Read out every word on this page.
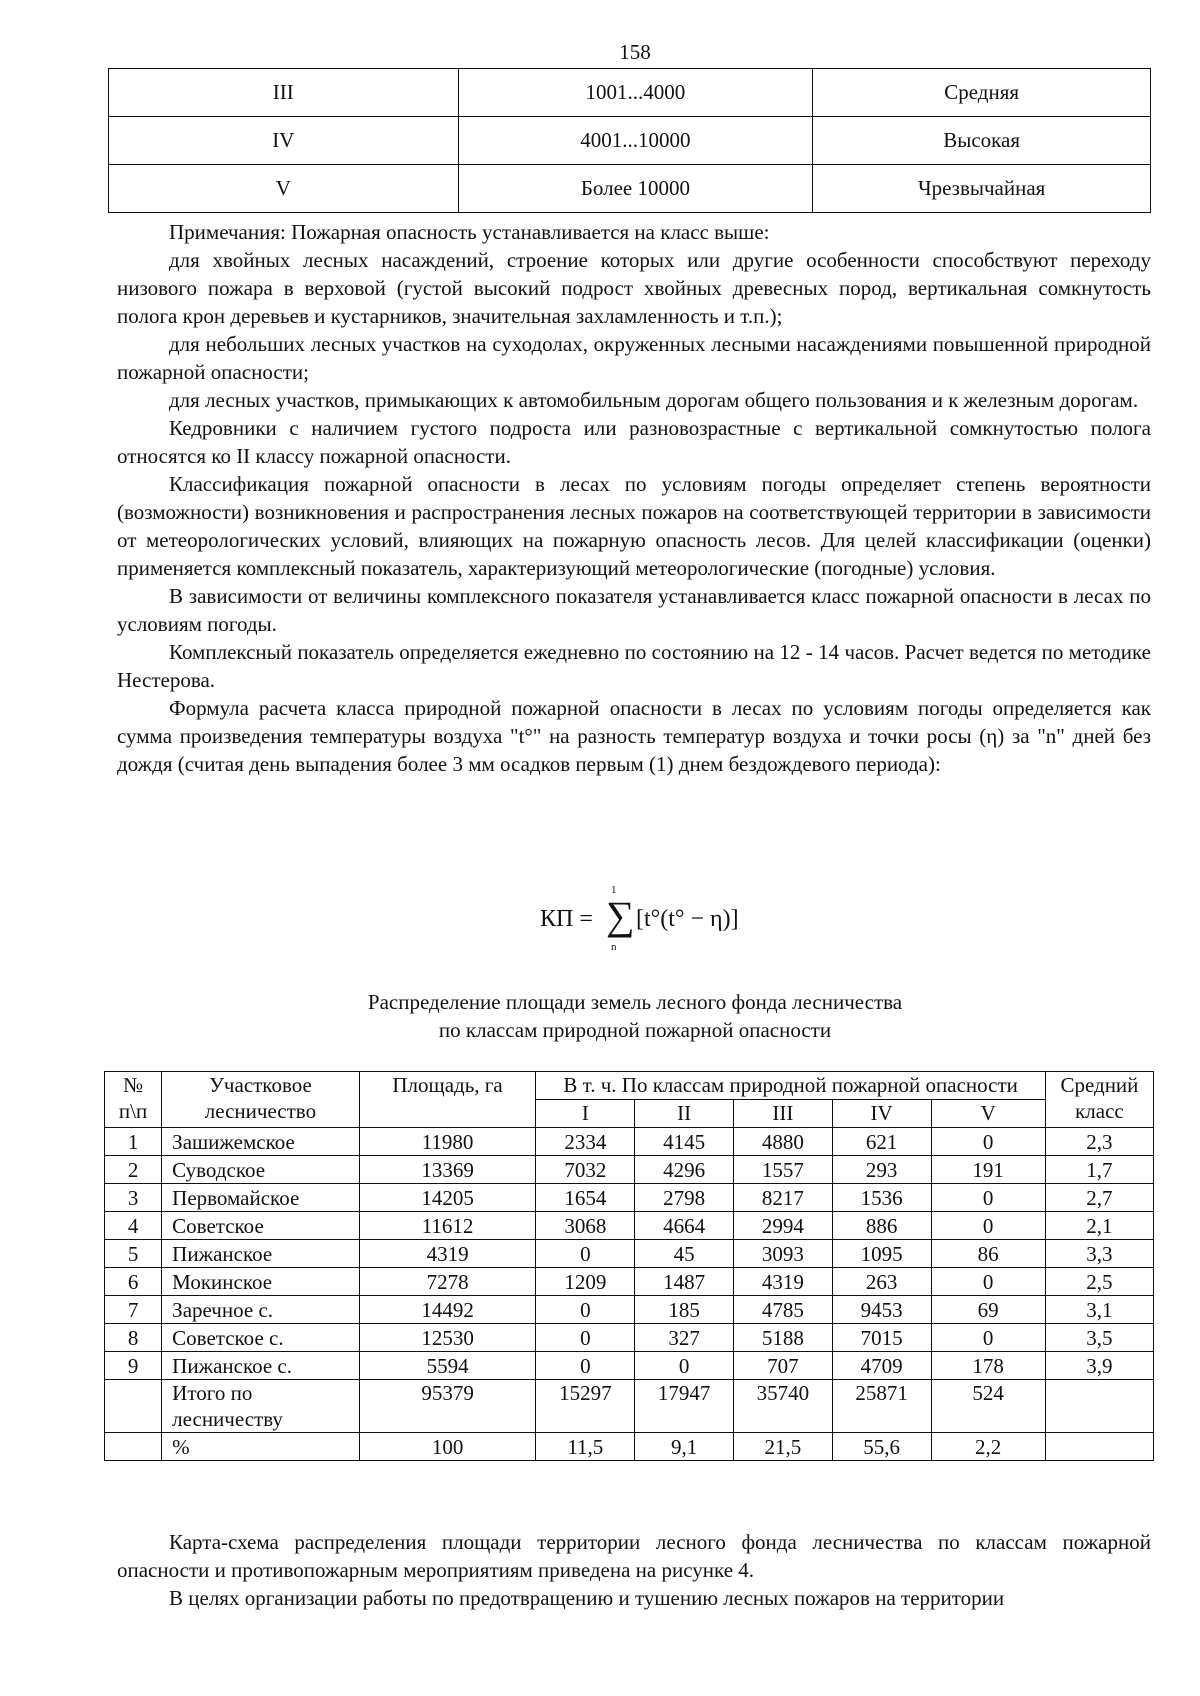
158
III	1001...4000	Средняя
IV	4001...10000	Высокая
V	Более 10000	Чрезвычайная

Примечания: Пожарная опасность устанавливается на класс выше:

для хвойных лесных насаждений, строение которых или другие особенности способствуют переходу низового пожара в верховой (густой высокий подрост хвойных древесных пород, вертикальная сомкнутость полога крон деревьев и кустарников, значительная захламленность и т.п.);

для небольших лесных участков на суходолах, окруженных лесными насаждениями повышенной природной пожарной опасности;

для лесных участков, примыкающих к автомобильным дорогам общего пользования и к железным дорогам.

Кедровники с наличием густого подроста или разновозрастные с вертикальной сомкнутостью полога относятся ко II классу пожарной опасности.

Классификация пожарной опасности в лесах по условиям погоды определяет степень вероятности (возможности) возникновения и распространения лесных пожаров на соответствующей территории в зависимости от метеорологических условий, влияющих на пожарную опасность лесов. Для целей классификации (оценки) применяется комплексный показатель, характеризующий метеорологические (погодные) условия.

В зависимости от величины комплексного показателя устанавливается класс пожарной опасности в лесах по условиям погоды.

Комплексный показатель определяется ежедневно по состоянию на 12 - 14 часов. Расчет ведется по методике Нестерова.

Формула расчета класса природной пожарной опасности в лесах по условиям погоды определяется как сумма произведения температуры воздуха "t°" на разность температур воздуха и точки росы (η) за "n" дней без дождя (считая день выпадения более 3 мм осадков первым (1) днем бездождевого периода):

КП =
1
∑
n
[t°(t° − η)]
Распределение площади земель лесного фонда лесничества
по классам природной пожарной опасности
№ п\п	Участковое лесничество	Площадь, га	В т. ч. По классам природной пожарной опасности					Средний класс
			I	II	III	IV	V	
1	Зашижемское	11980	2334	4145	4880	621	0	2,3
2	Суводское	13369	7032	4296	1557	293	191	1,7
3	Первомайское	14205	1654	2798	8217	1536	0	2,7
4	Советское	11612	3068	4664	2994	886	0	2,1
5	Пижанское	4319	0	45	3093	1095	86	3,3
6	Мокинское	7278	1209	1487	4319	263	0	2,5
7	Заречное с.	14492	0	185	4785	9453	69	3,1
8	Советское с.	12530	0	327	5188	7015	0	3,5
9	Пижанское с.	5594	0	0	707	4709	178	3,9
	Итого по лесничеству	95379	15297	17947	35740	25871	524	
	%	100	11,5	9,1	21,5	55,6	2,2	

Карта-схема распределения площади территории лесного фонда лесничества по классам пожарной опасности и противопожарным мероприятиям приведена на рисунке 4.

В целях организации работы по предотвращению и тушению лесных пожаров на территории
